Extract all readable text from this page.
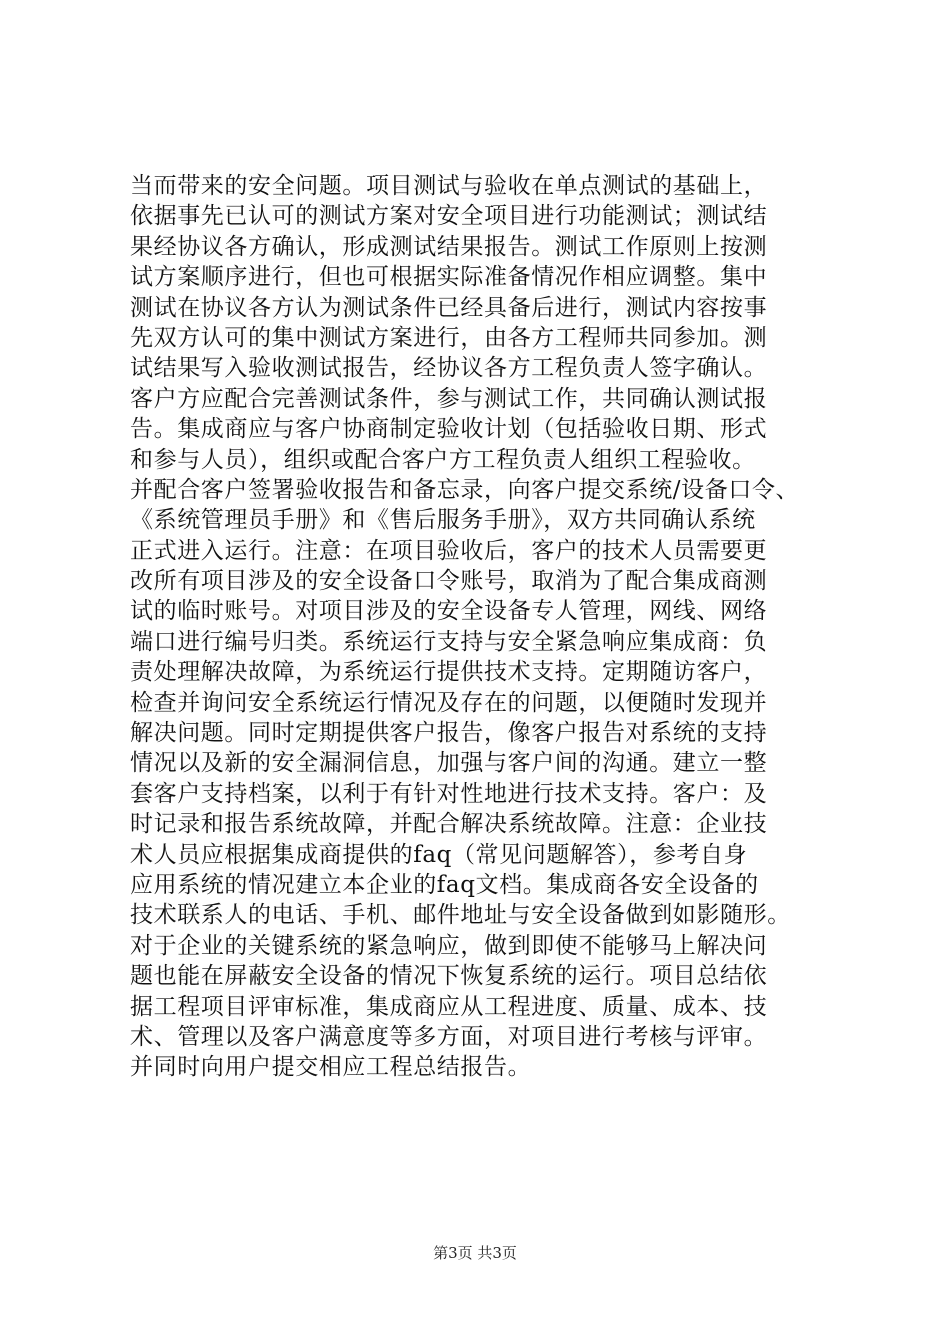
当而带来的安全问题。项目测试与验收在单点测试的基础上，
依据事先已认可的测试方案对安全项目进行功能测试；测试结
果经协议各方确认，形成测试结果报告。测试工作原则上按测
试方案顺序进行，但也可根据实际准备情况作相应调整。集中
测试在协议各方认为测试条件已经具备后进行，测试内容按事
先双方认可的集中测试方案进行，由各方工程师共同参加。测
试结果写入验收测试报告，经协议各方工程负责人签字确认。
客户方应配合完善测试条件，参与测试工作，共同确认测试报
告。集成商应与客户协商制定验收计划（包括验收日期、形式
和参与人员），组织或配合客户方工程负责人组织工程验收。
并配合客户签署验收报告和备忘录，向客户提交系统/设备口令、
《系统管理员手册》和《售后服务手册》，双方共同确认系统
正式进入运行。注意：在项目验收后，客户的技术人员需要更
改所有项目涉及的安全设备口令账号，取消为了配合集成商测
试的临时账号。对项目涉及的安全设备专人管理，网线、网络
端口进行编号归类。系统运行支持与安全紧急响应集成商：负
责处理解决故障，为系统运行提供技术支持。定期随访客户，
检查并询问安全系统运行情况及存在的问题，以便随时发现并
解决问题。同时定期提供客户报告，像客户报告对系统的支持
情况以及新的安全漏洞信息，加强与客户间的沟通。建立一整
套客户支持档案，以利于有针对性地进行技术支持。客户：及
时记录和报告系统故障，并配合解决系统故障。注意：企业技
术人员应根据集成商提供的faq（常见问题解答），参考自身
应用系统的情况建立本企业的faq文档。集成商各安全设备的
技术联系人的电话、手机、邮件地址与安全设备做到如影随形。
对于企业的关键系统的紧急响应，做到即使不能够马上解决问
题也能在屏蔽安全设备的情况下恢复系统的运行。项目总结依
据工程项目评审标准，集成商应从工程进度、质量、成本、技
术、管理以及客户满意度等多方面，对项目进行考核与评审。
并同时向用户提交相应工程总结报告。
第3页 共3页
